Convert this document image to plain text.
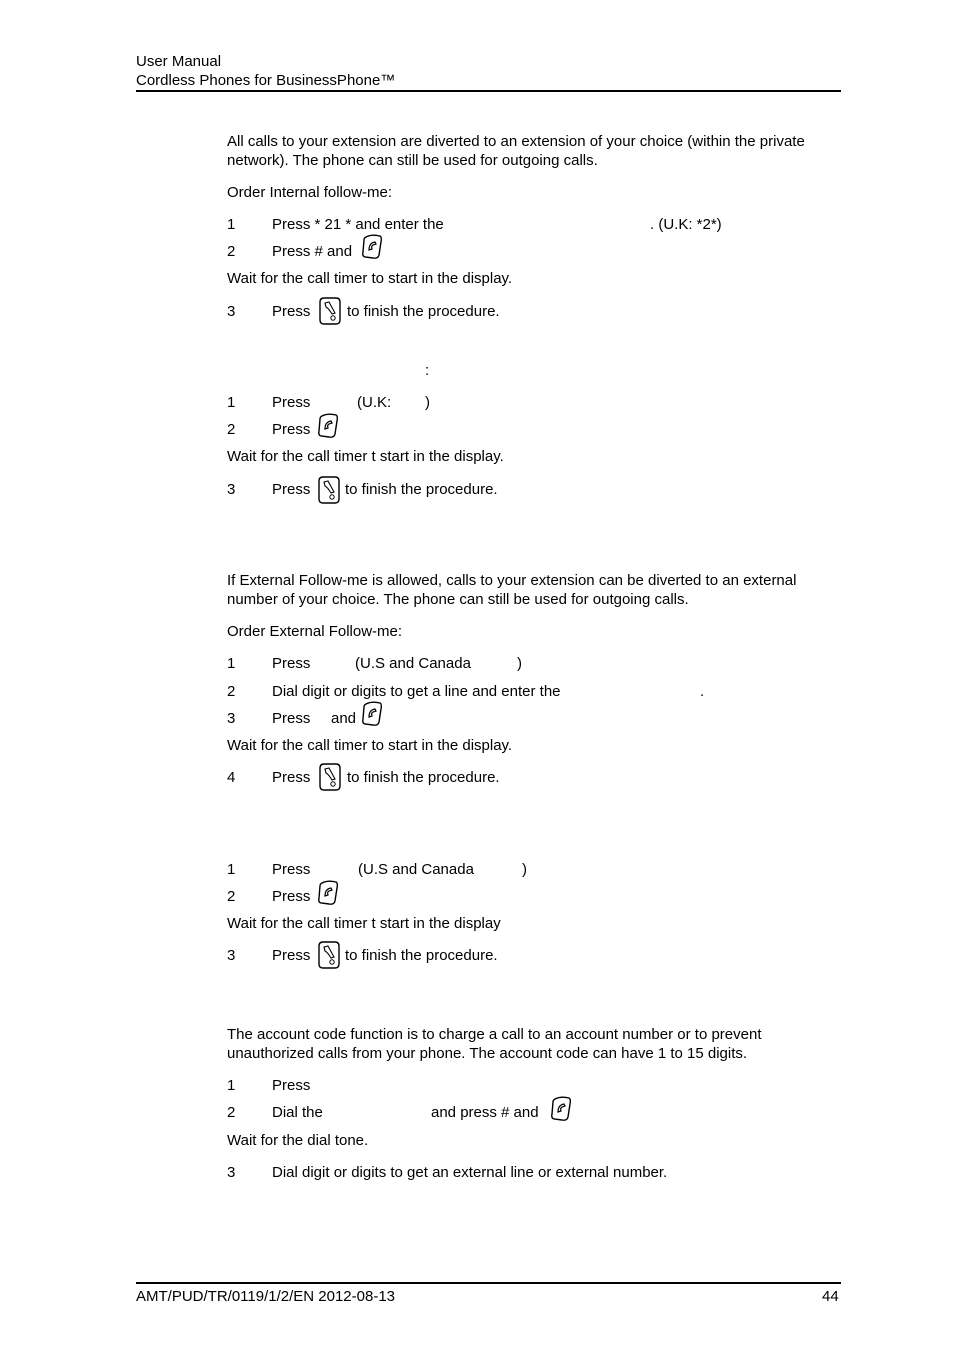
User Manual
Cordless Phones for BusinessPhone™
All calls to your extension are diverted to an extension of your choice (within the private network). The phone can still be used for outgoing calls.
Order Internal follow-me:
1 Press * 21 * and enter the	. (U.K: *2*)
2 Press # and
Wait for the call timer to start in the display.
3 Press to finish the procedure.
:
1 Press	(U.K: )
2 Press
Wait for the call timer t start in the display.
3 Press to finish the procedure.
If External Follow-me is allowed, calls to your extension can be diverted to an external number of your choice. The phone can still be used for outgoing calls.
Order External Follow-me:
1 Press	(U.S and Canada	)
2 Dial digit or digits to get a line and enter the	.
3 Press and
Wait for the call timer to start in the display.
4 Press to finish the procedure.
1 Press	(U.S and Canada	)
2 Press
Wait for the call timer t start in the display
3 Press to finish the procedure.
The account code function is to charge a call to an account number or to prevent unauthorized calls from your phone. The account code can have 1 to 15 digits.
1 Press
2 Dial the	and press # and
Wait for the dial tone.
3 Dial digit or digits to get an external line or external number.
AMT/PUD/TR/0119/1/2/EN 2012-08-13	44
